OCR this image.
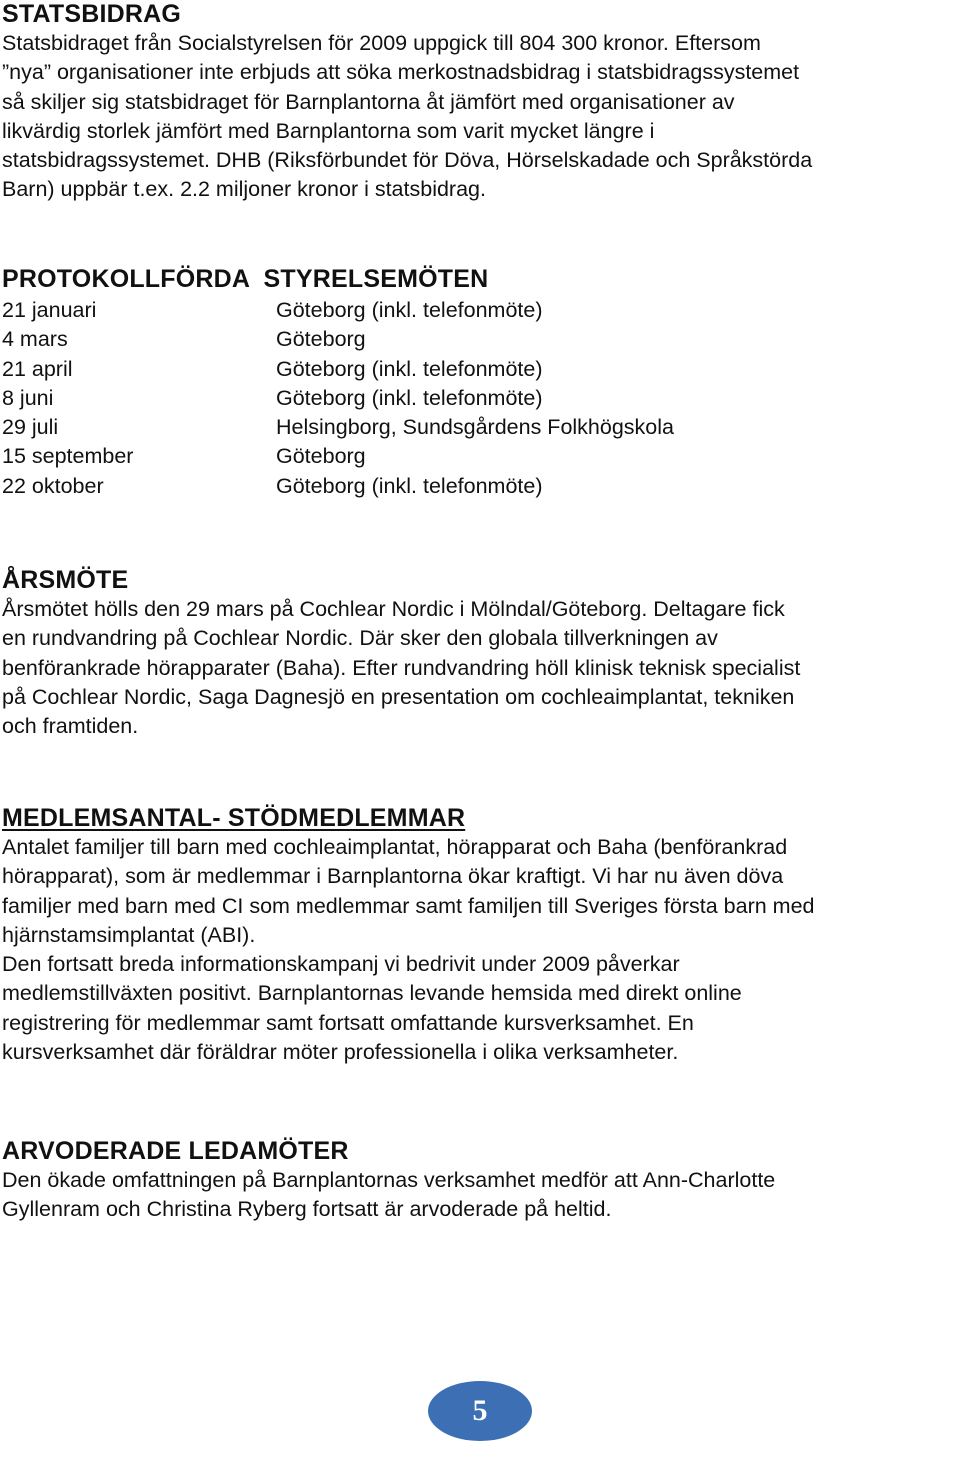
STATSBIDRAG

Statsbidraget från Socialstyrelsen för 2009 uppgick till 804 300 kronor. Eftersom
”nya” organisationer inte erbjuds att söka merkostnadsbidrag i statsbidragssystemet
så skiljer sig statsbidraget för Barnplantorna åt jämfört med organisationer av
likvärdig storlek jämfört med Barnplantorna som varit mycket längre i
statsbidragssystemet. DHB (Riksförbundet för Döva, Hörselskadade och Språkstörda
Barn) uppbär t.ex. 2.2 miljoner kronor i statsbidrag.

PROTOKOLLFÖRDA  STYRELSEMÖTEN
21 januari	Göteborg (inkl. telefonmöte)
4 mars	Göteborg
21 april	Göteborg (inkl. telefonmöte)
8 juni	Göteborg (inkl. telefonmöte)
29 juli	Helsingborg, Sundsgårdens Folkhögskola
15 september	Göteborg
22 oktober	Göteborg (inkl. telefonmöte)
ÅRSMÖTE

Årsmötet hölls den 29 mars på Cochlear Nordic i Mölndal/Göteborg. Deltagare fick
en rundvandring på Cochlear Nordic. Där sker den globala tillverkningen av
benförankrade hörapparater (Baha). Efter rundvandring höll klinisk teknisk specialist
på Cochlear Nordic, Saga Dagnesjö en presentation om cochleaimplantat, tekniken
och framtiden.

MEDLEMSANTAL- STÖDMEDLEMMAR

Antalet familjer till barn med cochleaimplantat, hörapparat och Baha (benförankrad
hörapparat), som är medlemmar i Barnplantorna ökar kraftigt. Vi har nu även döva
familjer med barn med CI som medlemmar samt familjen till Sveriges första barn med
hjärnstamsimplantat (ABI).
Den fortsatt breda informationskampanj vi bedrivit under 2009 påverkar
medlemstillväxten positivt. Barnplantornas levande hemsida med direkt online
registrering för medlemmar samt fortsatt omfattande kursverksamhet. En
kursverksamhet där föräldrar möter professionella i olika verksamheter.

ARVODERADE LEDAMÖTER

Den ökade omfattningen på Barnplantornas verksamhet medför att Ann-Charlotte
Gyllenram och Christina Ryberg fortsatt är arvoderade på heltid.

5
